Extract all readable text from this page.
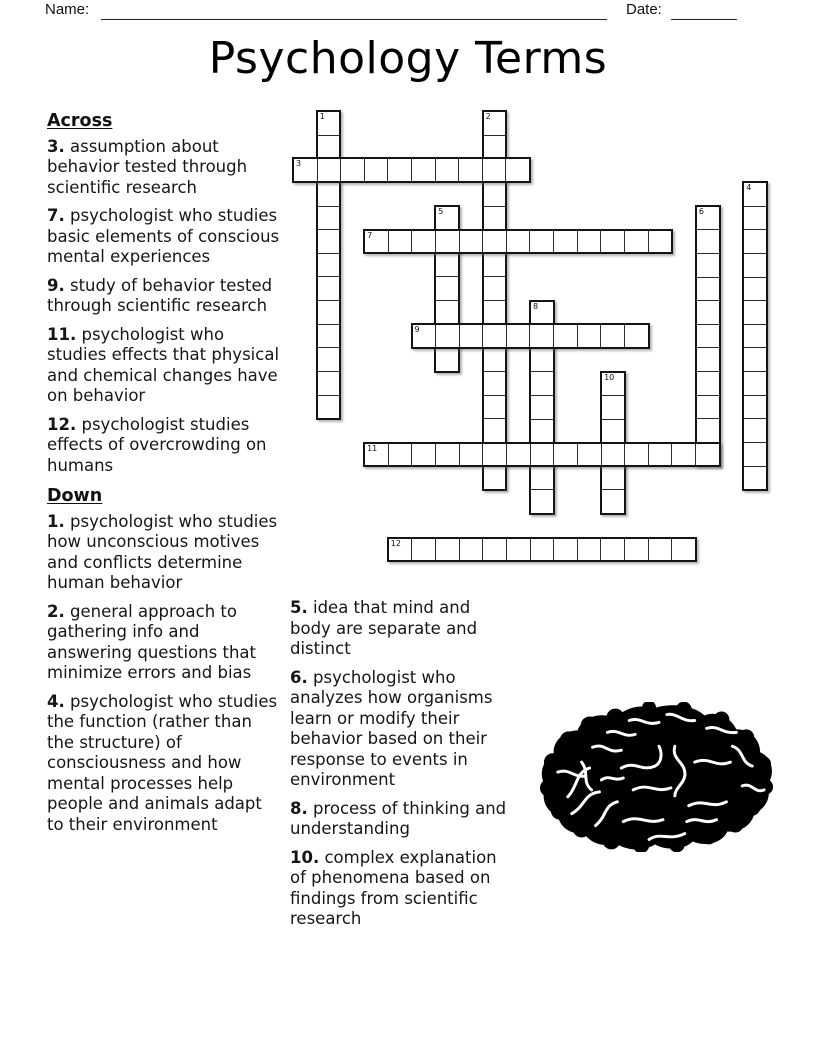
Name:	Date:
Psychology Terms
1	2
3
4
5	6
7
8
9
10
11
12
Across
3. assumption about behavior tested through scientific research
7. psychologist who studies basic elements of conscious mental experiences
9. study of behavior tested through scientific research
11. psychologist who studies effects that physical and chemical changes have on behavior
12. psychologist studies effects of overcrowding on humans
Down
1. psychologist who studies how unconscious motives and conflicts determine human behavior
2. general approach to gathering info and answering questions that minimize errors and bias
4. psychologist who studies the function (rather than the structure) of consciousness and how mental processes help people and animals adapt to their environment
5. idea that mind and body are separate and distinct
6. psychologist who analyzes how organisms learn or modify their behavior based on their response to events in environment
8. process of thinking and understanding
10. complex explanation of phenomena based on findings from scientific research
